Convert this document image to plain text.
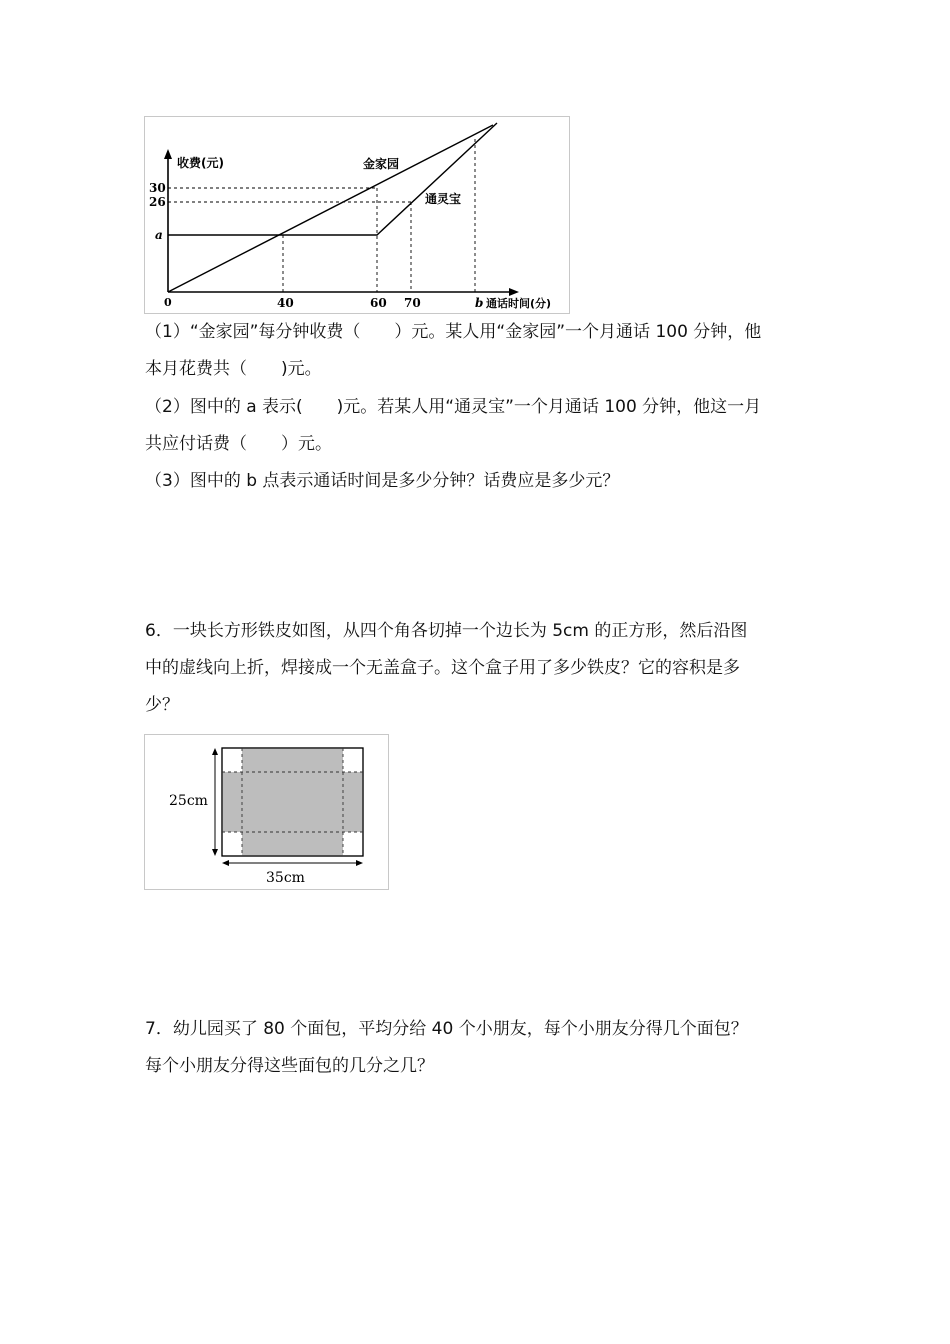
收费(元)	金家园
通灵宝
30
26
a
0	40	60 70	b 通话时间(分)
（1）“金家园”每分钟收费（　　）元。某人用“金家园”一个月通话 100 分钟，他
本月花费共（　　)元。
（2）图中的 a 表示(　　)元。若某人用“通灵宝”一个月通话 100 分钟，他这一月
共应付话费（　　）元。
（3）图中的 b 点表示通话时间是多少分钟？话费应是多少元？
6．一块长方形铁皮如图，从四个角各切掉一个边长为 5cm 的正方形，然后沿图
中的虚线向上折，焊接成一个无盖盒子。这个盒子用了多少铁皮？它的容积是多
少？
25cm
35cm
7．幼儿园买了 80 个面包，平均分给 40 个小朋友，每个小朋友分得几个面包？
每个小朋友分得这些面包的几分之几？
